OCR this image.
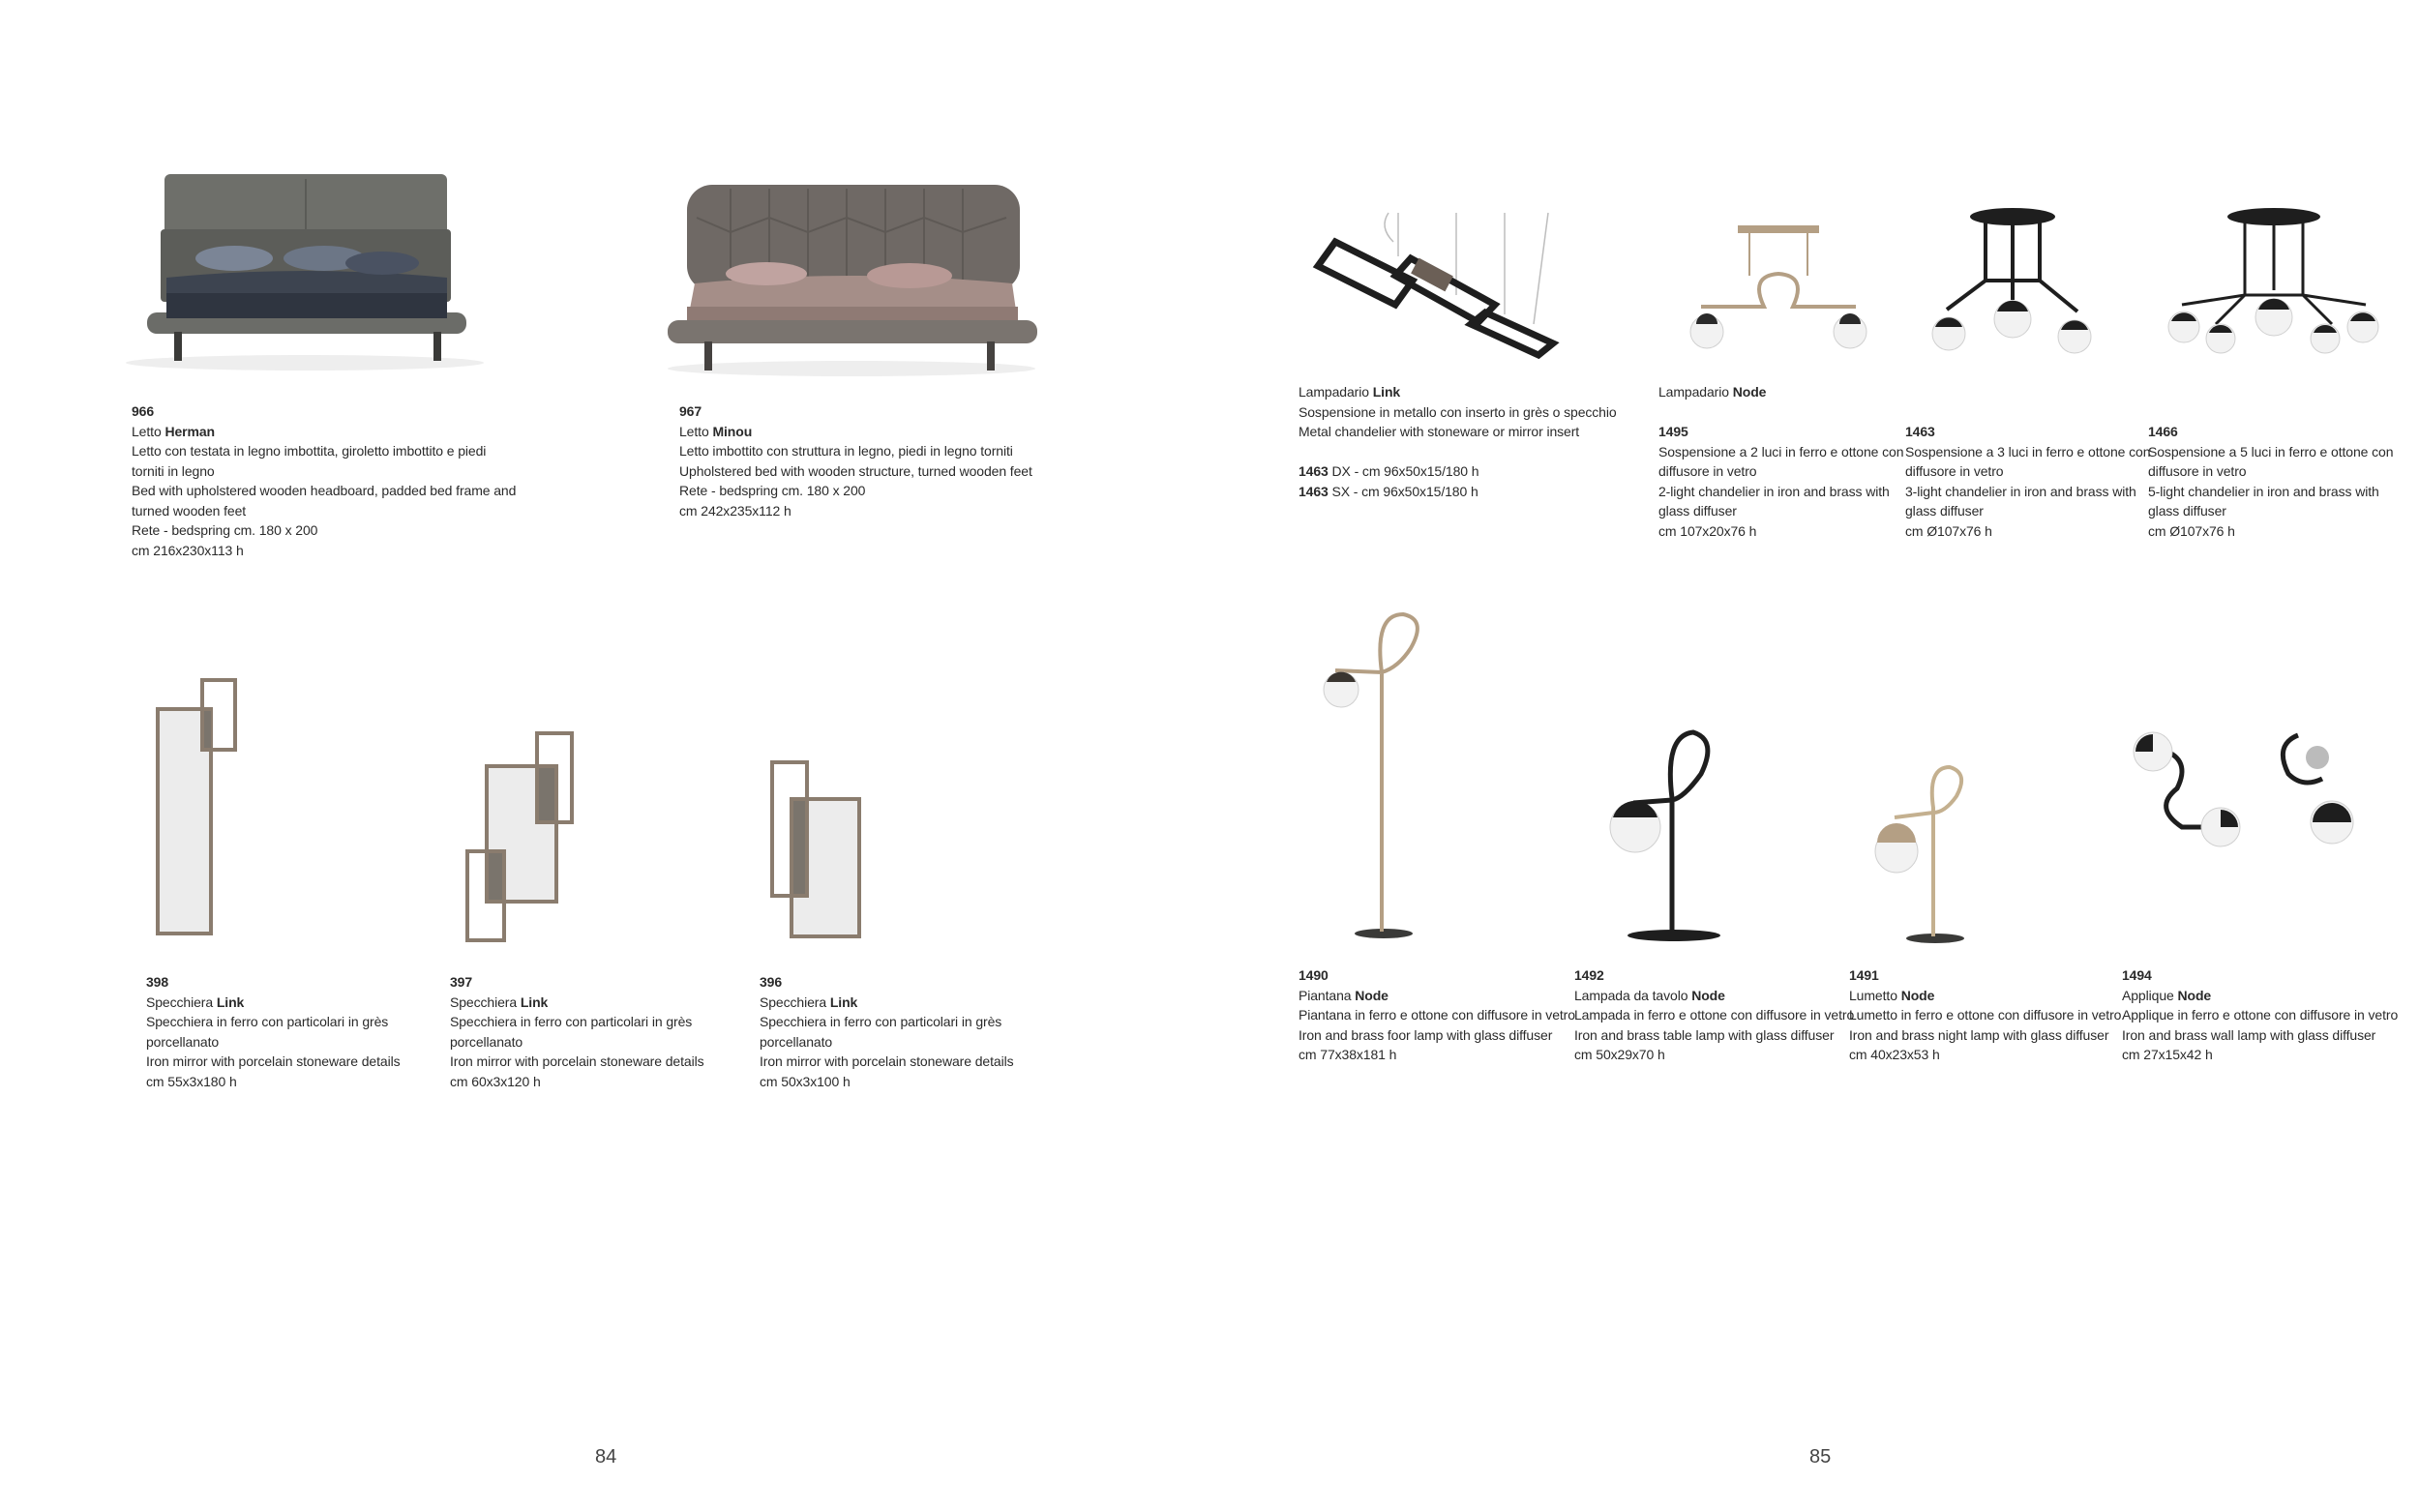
966
Letto Herman
Letto con testata in legno imbottita, giroletto imbottito e piedi
torniti in legno
Bed with upholstered wooden headboard, padded bed frame and
turned wooden feet
Rete - bedspring cm. 180 x 200
cm 216x230x113 h
967
Letto Minou
Letto imbottito con struttura in legno, piedi in legno torniti
Upholstered bed with wooden structure, turned wooden feet
Rete - bedspring cm. 180 x 200
cm 242x235x112 h
398
Specchiera Link
Specchiera in ferro con particolari in grès
porcellanato
Iron mirror with porcelain stoneware details
cm 55x3x180 h
397
Specchiera Link
Specchiera in ferro con particolari in grès
porcellanato
Iron mirror with porcelain stoneware details
cm 60x3x120 h
396
Specchiera Link
Specchiera in ferro con particolari in grès
porcellanato
Iron mirror with porcelain stoneware details
cm 50x3x100 h
84
Lampadario Link
Sospensione in metallo con inserto in grès o specchio
Metal chandelier with stoneware or mirror insert

1463 DX - cm 96x50x15/180 h
1463 SX - cm 96x50x15/180 h
Lampadario Node
1495
Sospensione a 2 luci in ferro e ottone con
diffusore in vetro
2-light chandelier in iron and brass with
glass diffuser
cm 107x20x76 h
1463
Sospensione a 3 luci in ferro e ottone con
diffusore in vetro
3-light chandelier in iron and brass with
glass diffuser
cm Ø107x76 h
1466
Sospensione a 5 luci in ferro e ottone con
diffusore in vetro
5-light chandelier in iron and brass with
glass diffuser
cm Ø107x76 h
1490
Piantana Node
Piantana in ferro e ottone con diffusore in vetro
Iron and brass foor lamp with glass diffuser
cm 77x38x181 h
1492
Lampada da tavolo Node
Lampada in ferro e ottone con diffusore in vetro
Iron and brass table lamp with glass diffuser
cm 50x29x70 h
1491
Lumetto Node
Lumetto in ferro e ottone con diffusore in vetro
Iron and brass night lamp with glass diffuser
cm 40x23x53 h
1494
Applique Node
Applique in ferro e ottone con diffusore in vetro
Iron and brass wall lamp with glass diffuser
cm 27x15x42 h
85
